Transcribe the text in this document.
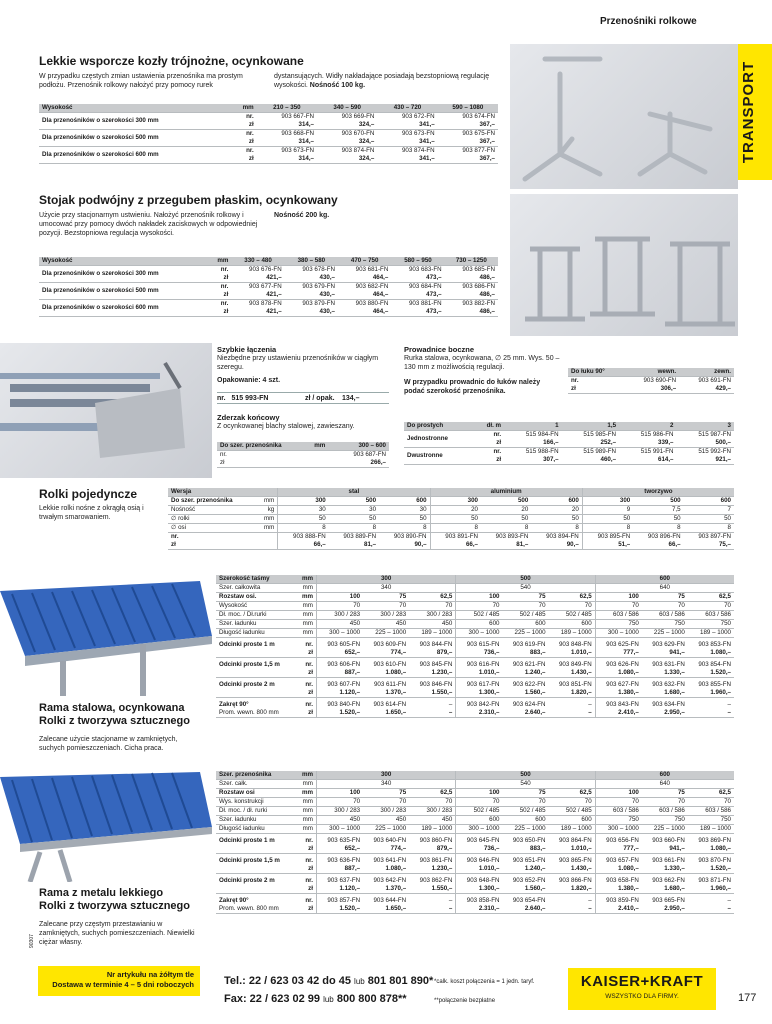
Przenośniki rolkowe
TRANSPORT
Lekkie wsporcze kozły trójnożne, ocynkowane
W przypadku częstych zmian ustawienia przenośnika ma prostym podłożu. Przenośnik rolkowy nałożyć przy pomocy rurek
dystansujących. Widły nakładające posiadają bezstopniową regulację wysokości. Nośność 100 kg.
Wysokość	mm	210 – 350	340 – 590	430 – 720	590 – 1080
Dla przenośników o szerokości 300 mm	nr.	903 667-FN	903 669-FN	903 672-FN	903 674-FN
	zł	314,–	324,–	341,–	367,–
Dla przenośników o szerokości 500 mm	nr.	903 668-FN	903 670-FN	903 673-FN	903 675-FN
	zł	314,–	324,–	341,–	367,–
Dla przenośników o szerokości 600 mm	nr.	903 673-FN	903 874-FN	903 874-FN	903 877-FN
	zł	314,–	324,–	341,–	367,–
Stojak podwójny z przegubem płaskim, ocynkowany
Użycie przy stacjonarnym ustwieniu. Nałożyć przenośnik rolkowy i umocować przy pomocy dwóch nakładek zaciskowych w odpowiedniej pozycji. Bezstopniowa regulacja wysokości.
Nośność 200 kg.
Wysokość	mm	330 – 480	380 – 580	470 – 750	580 – 950	730 – 1250
Dla przenośników o szerokości 300 mm	nr.	903 676-FN	903 678-FN	903 681-FN	903 683-FN	903 685-FN
	zł	421,–	430,–	464,–	473,–	486,–
Dla przenośników o szerokości 500 mm	nr.	903 677-FN	903 679-FN	903 682-FN	903 684-FN	903 686-FN
	zł	421,–	430,–	464,–	473,–	486,–
Dla przenośników o szerokości 600 mm	nr.	903 878-FN	903 879-FN	903 880-FN	903 881-FN	903 882-FN
	zł	421,–	430,–	464,–	473,–	486,–
Szybkie łączenia
Niezbędne przy ustawieniu przenośników w ciągłym szeregu.
Opakowanie: 4 szt.
nr. 515 993-FN	zł / opak. 134,–
Zderzak końcowy
Z ocynkowanej blachy stalowej, zawieszany.
Do szer. przenośnika	mm	300 – 600
nr.		903 687-FN
zł		266,–
Prowadnice boczne
Rurka stalowa, ocynkowana, ∅ 25 mm. Wys. 50 – 130 mm z możliwością regulacji.
W przypadku prowadnic do łuków należy podać szerokość przenośnika.
Do łuku 90°	wewn.	zewn.
nr.	903 690-FN	903 691-FN
zł	306,–	429,–
Do prostych	dł. m	1	1,5	2	3
Jednostronne	nr.	515 984-FN	515 985-FN	515 986-FN	515 987-FN
	zł	166,–	252,–	339,–	500,–
Dwustronne	nr.	515 988-FN	515 989-FN	515 991-FN	515 992-FN
	zł	307,–	460,–	614,–	921,–
Rolki pojedyncze
Lekkie rolki nośne z okrągłą osią i trwałym smarowaniem.
Wersja		stal			aluminium			tworzywo		
Do szer. przenośnika	mm	300	500	600	300	500	600	300	500	600
Nośność	kg	30	30	30	20	20	20	9	7,5	7
∅ rolki	mm	50	50	50	50	50	50	50	50	50
∅ osi	mm	8	8	8	8	8	8	8	8	8
nr.		903 888-FN	903 889-FN	903 890-FN	903 891-FN	903 893-FN	903 894-FN	903 895-FN	903 896-FN	903 897-FN
zł		66,–	81,–	90,–	66,–	81,–	90,–	51,–	66,–	75,–
Rama stalowa, ocynkowana
Rolki z tworzywa sztucznego
Zalecane użycie stacjonarne w zamkniętych, suchych pomieszczeniach. Cicha praca.
Szerokość taśmy	mm	300			500			600		
Szer. całkowita	mm	340			540			640		
Rozstaw osi.	mm	100	75	62,5	100	75	62,5	100	75	62,5
Wysokość	mm	70	70	70	70	70	70	70	70	70
Dł. moc. / Dł.rurki	mm	300 / 283	300 / 283	300 / 283	502 / 485	502 / 485	502 / 485	603 / 586	603 / 586	603 / 586
Szer. ładunku	mm	450	450	450	600	600	600	750	750	750
Długość ładunku	mm	300 – 1000	225 – 1000	189 – 1000	300 – 1000	225 – 1000	189 – 1000	300 – 1000	225 – 1000	189 – 1000
Odcinki proste 1 m	nr.	903 605-FN	903 609-FN	903 844-FN	903 615-FN	903 619-FN	903 848-FN	903 625-FN	903 629-FN	903 853-FN
	zł	652,–	774,–	879,–	736,–	883,–	1.010,–	777,–	941,–	1.080,–
Odcinki proste 1,5 m	nr.	903 606-FN	903 610-FN	903 845-FN	903 616-FN	903 621-FN	903 849-FN	903 626-FN	903 631-FN	903 854-FN
	zł	887,–	1.080,–	1.230,–	1.010,–	1.240,–	1.430,–	1.080,–	1.330,–	1.520,–
Odcinki proste 2 m	nr.	903 607-FN	903 611-FN	903 846-FN	903 617-FN	903 622-FN	903 851-FN	903 627-FN	903 632-FN	903 855-FN
	zł	1.120,–	1.370,–	1.550,–	1.300,–	1.560,–	1.820,–	1.380,–	1.680,–	1.960,–
Zakręt 90°	nr.	903 840-FN	903 614-FN	–	903 842-FN	903 624-FN	–	903 843-FN	903 634-FN	–
Prom. wewn. 800 mm	zł	1.520,–	1.650,–	–	2.310,–	2.640,–	–	2.410,–	2.950,–	–
Rama z metalu lekkiego
Rolki z tworzywa sztucznego
Zalecane przy częstym przestawianiu w zamkniętych, suchych pomieszczeniach. Niewielki ciężar własny.
Szer. przenośnika	mm	300			500			600		
Szer. całk.	mm	340			540			640		
Rozstaw osi	mm	100	75	62,5	100	75	62,5	100	75	62,5
Wys. konstrukcji	mm	70	70	70	70	70	70	70	70	70
Dł. moc. / dł. rurki	mm	300 / 283	300 / 283	300 / 283	502 / 485	502 / 485	502 / 485	603 / 586	603 / 586	603 / 586
Szer. ładunku	mm	450	450	450	600	600	600	750	750	750
Długość ładunku	mm	300 – 1000	225 – 1000	189 – 1000	300 – 1000	225 – 1000	189 – 1000	300 – 1000	225 – 1000	189 – 1000
Odcinki proste 1 m	nr.	903 635-FN	903 640-FN	903 860-FN	903 645-FN	903 650-FN	903 864-FN	903 656-FN	903 660-FN	903 869-FN
	zł	652,–	774,–	879,–	736,–	883,–	1.010,–	777,–	941,–	1.080,–
Odcinki proste 1,5 m	nr.	903 636-FN	903 641-FN	903 861-FN	903 646-FN	903 651-FN	903 865-FN	903 657-FN	903 661-FN	903 870-FN
	zł	887,–	1.080,–	1.230,–	1.010,–	1.240,–	1.430,–	1.080,–	1.330,–	1.520,–
Odcinki proste 2 m	nr.	903 637-FN	903 642-FN	903 862-FN	903 648-FN	903 652-FN	903 866-FN	903 658-FN	903 662-FN	903 871-FN
	zł	1.120,–	1.370,–	1.550,–	1.300,–	1.560,–	1.820,–	1.380,–	1.680,–	1.960,–
Zakręt 90°	nr.	903 857-FN	903 644-FN	–	903 858-FN	903 654-FN	–	903 859-FN	903 665-FN	–
Prom. wewn. 800 mm	zł	1.520,–	1.650,–	–	2.310,–	2.640,–	–	2.410,–	2.950,–	–
90307
Nr artykułu na żółtym tle
Dostawa w terminie 4 – 5 dni roboczych	Tel.: 22 / 623 03 42 do 45 lub 801 801 890* *calk. koszt połączenia = 1 jedn. taryf.
Fax: 22 / 623 02 99 lub 800 800 878**	**połączenie bezpłatne
KAISER+KRAFT
WSZYSTKO DLA FIRMY.	177
